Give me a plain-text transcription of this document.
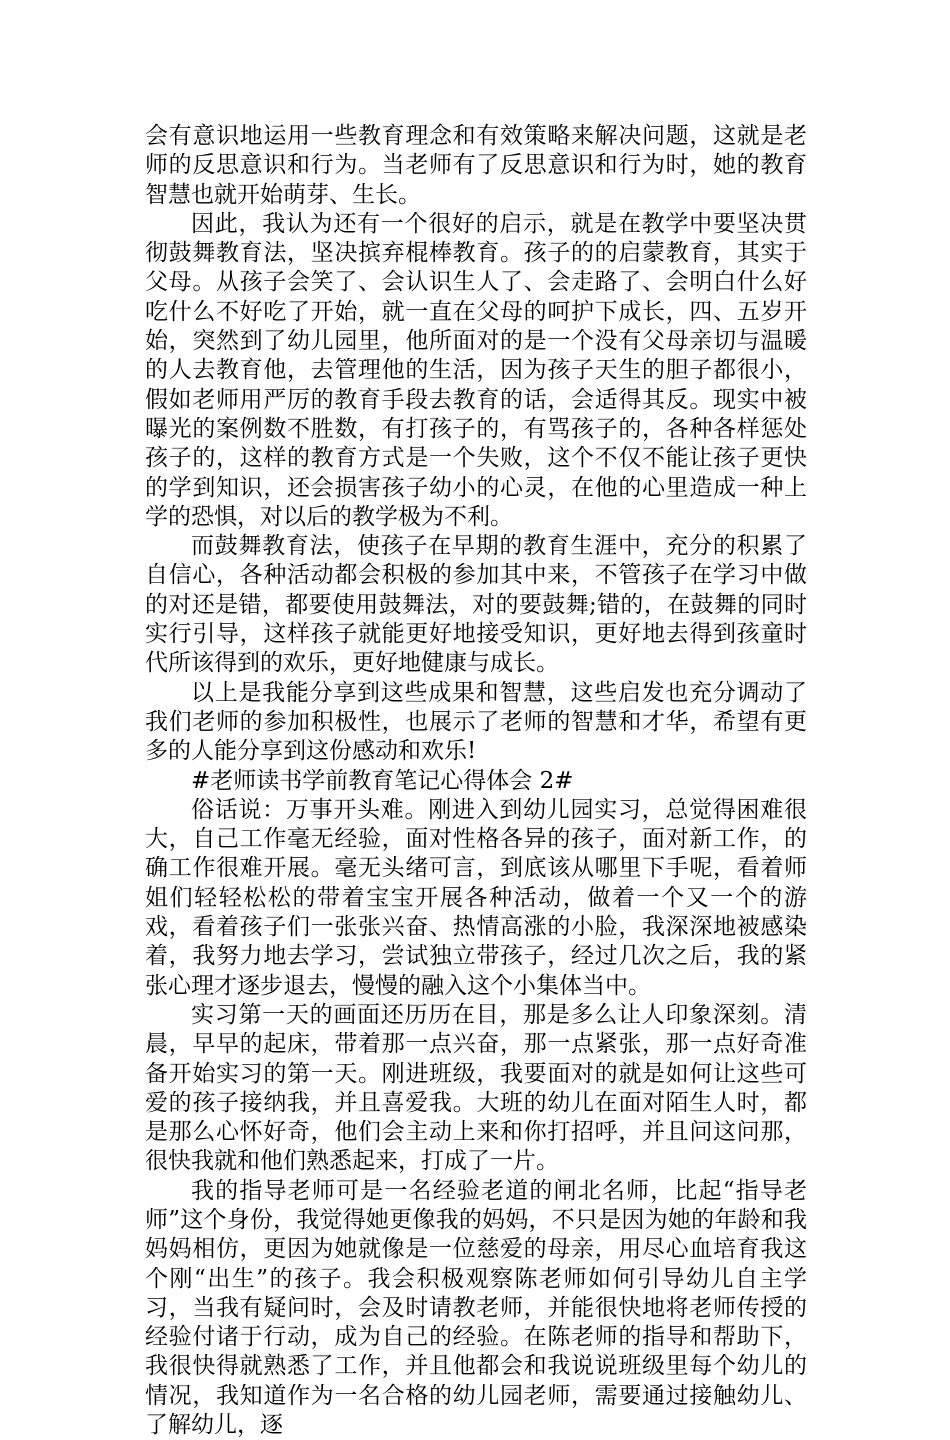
会有意识地运用一些教育理念和有效策略来解决问题，这就是老师的反思意识和行为。当老师有了反思意识和行为时，她的教育智慧也就开始萌芽、生长。

因此，我认为还有一个很好的启示，就是在教学中要坚决贯彻鼓舞教育法，坚决摈弃棍棒教育。孩子的的启蒙教育，其实于父母。从孩子会笑了、会认识生人了、会走路了、会明白什么好吃什么不好吃了开始，就一直在父母的呵护下成长，四、五岁开始，突然到了幼儿园里，他所面对的是一个没有父母亲切与温暖的人去教育他，去管理他的生活，因为孩子天生的胆子都很小，假如老师用严厉的教育手段去教育的话，会适得其反。现实中被曝光的案例数不胜数，有打孩子的，有骂孩子的，各种各样惩处孩子的，这样的教育方式是一个失败，这个不仅不能让孩子更快的学到知识，还会损害孩子幼小的心灵，在他的心里造成一种上学的恐惧，对以后的教学极为不利。

而鼓舞教育法，使孩子在早期的教育生涯中，充分的积累了自信心，各种活动都会积极的参加其中来，不管孩子在学习中做的对还是错，都要使用鼓舞法，对的要鼓舞;错的，在鼓舞的同时实行引导，这样孩子就能更好地接受知识，更好地去得到孩童时代所该得到的欢乐，更好地健康与成长。

以上是我能分享到这些成果和智慧，这些启发也充分调动了我们老师的参加积极性，也展示了老师的智慧和才华，希望有更多的人能分享到这份感动和欢乐!

#老师读书学前教育笔记心得体会 2#

俗话说：万事开头难。刚进入到幼儿园实习，总觉得困难很大，自己工作毫无经验，面对性格各异的孩子，面对新工作，的确工作很难开展。毫无头绪可言，到底该从哪里下手呢，看着师姐们轻轻松松的带着宝宝开展各种活动，做着一个又一个的游戏，看着孩子们一张张兴奋、热情高涨的小脸，我深深地被感染着，我努力地去学习，尝试独立带孩子，经过几次之后，我的紧张心理才逐步退去，慢慢的融入这个小集体当中。

实习第一天的画面还历历在目，那是多么让人印象深刻。清晨，早早的起床，带着那一点兴奋，那一点紧张，那一点好奇准备开始实习的第一天。刚进班级，我要面对的就是如何让这些可爱的孩子接纳我，并且喜爱我。大班的幼儿在面对陌生人时，都是那么心怀好奇，他们会主动上来和你打招呼，并且问这问那，很快我就和他们熟悉起来，打成了一片。

我的指导老师可是一名经验老道的闸北名师，比起“指导老师”这个身份，我觉得她更像我的妈妈，不只是因为她的年龄和我妈妈相仿，更因为她就像是一位慈爱的母亲，用尽心血培育我这个刚“出生”的孩子。我会积极观察陈老师如何引导幼儿自主学习，当我有疑问时，会及时请教老师，并能很快地将老师传授的经验付诸于行动，成为自己的经验。在陈老师的指导和帮助下，我很快得就熟悉了工作，并且他都会和我说说班级里每个幼儿的情况，我知道作为一名合格的幼儿园老师，需要通过接触幼儿、了解幼儿，逐
